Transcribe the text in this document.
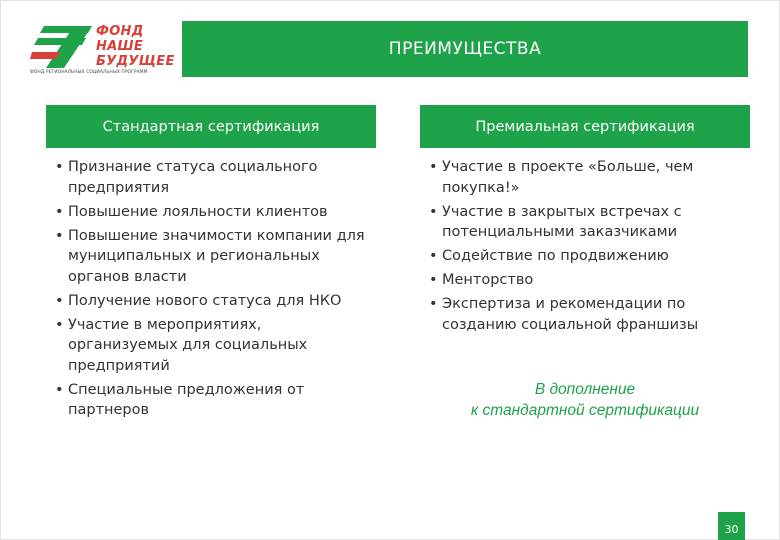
ФОНД
НАШЕ
БУДУЩЕЕ
ФОНД РЕГИОНАЛЬНЫХ СОЦИАЛЬНЫХ ПРОГРАММ
ПРЕИМУЩЕСТВА
Стандартная сертификация	Премиальная сертификация
• Признание статуса социального предприятия
• Повышение лояльности клиентов
• Повышение значимости компании для муниципальных и региональных органов власти
• Получение нового статуса для НКО
• Участие в мероприятиях, организуемых для социальных предприятий
• Специальные предложения от партнеров
• Участие в проекте «Больше, чем покупка!»
• Участие в закрытых встречах с потенциальными заказчиками
• Содействие по продвижению
• Менторство
• Экспертиза и рекомендации по созданию социальной франшизы
В дополнение
к стандартной сертификации
30
